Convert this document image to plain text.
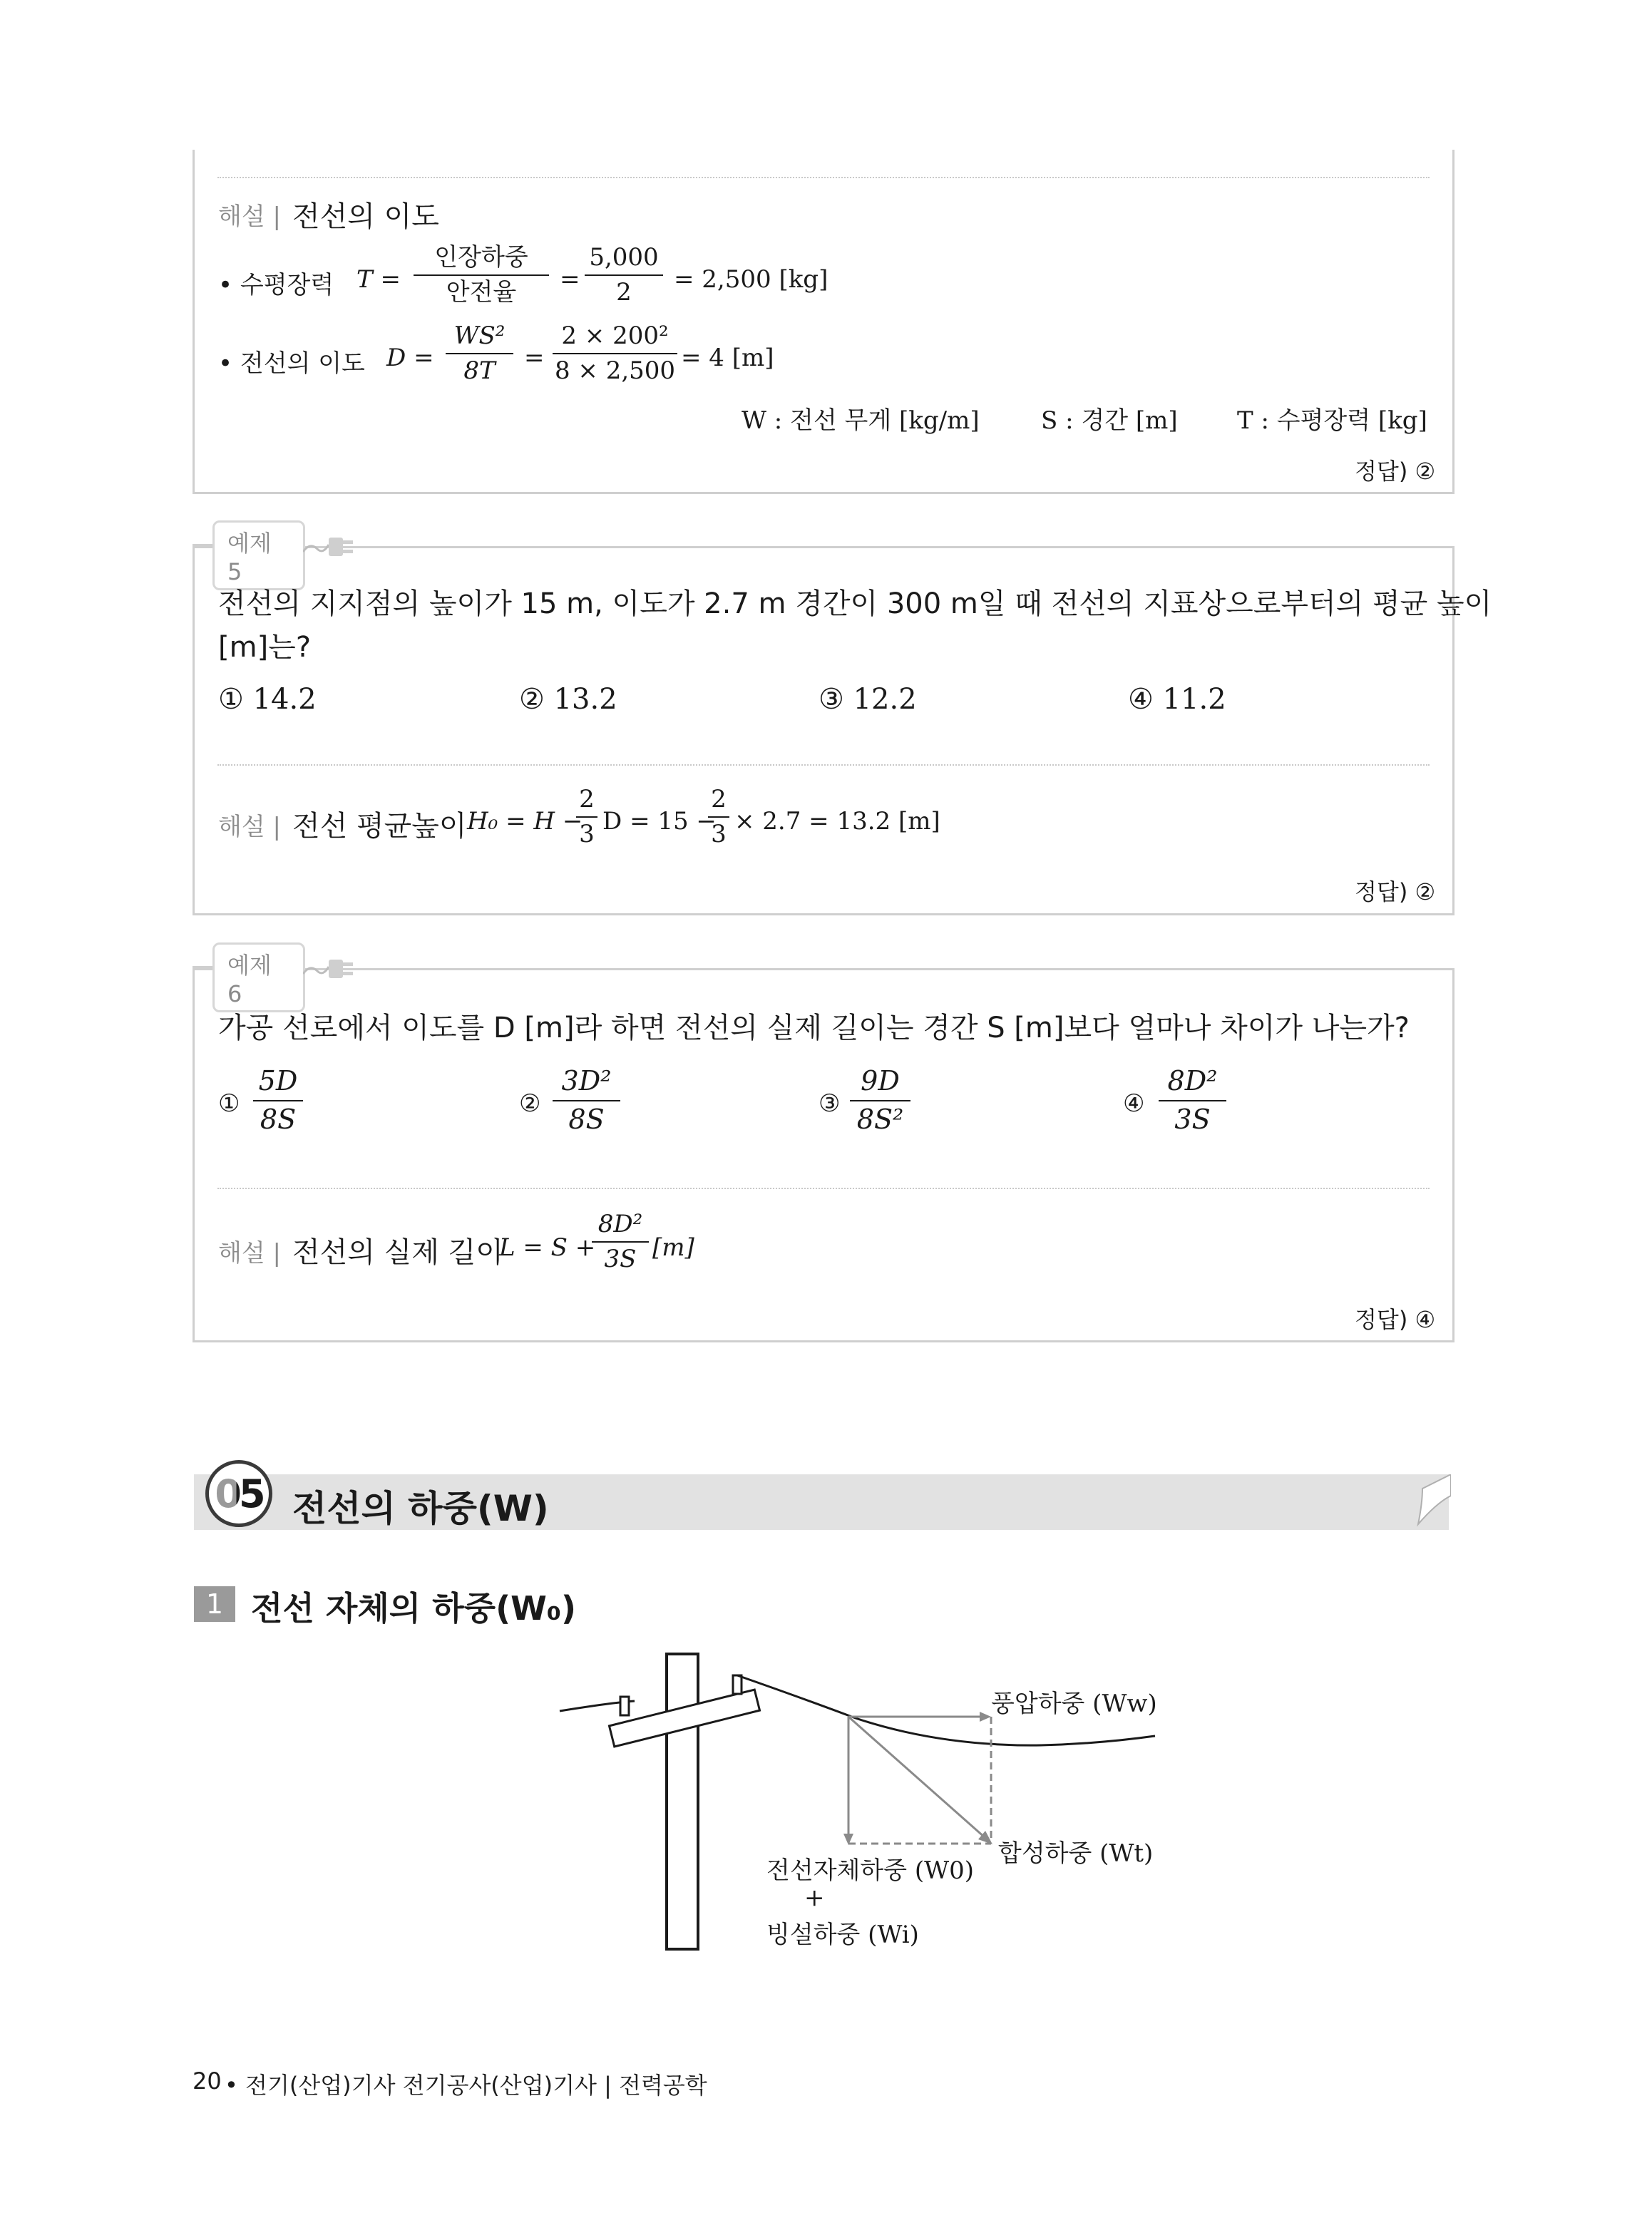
해설 | 전선의 이도
• 수평장력 T =
인장하중
안전율 =
5,000
2 = 2,500 [kg]
• 전선의 이도 D =
WS²
8T =
2 × 200²
8 × 2,500 = 4 [m]
W : 전선 무게 [kg/m]	S : 경간 [m] T : 수평장력 [kg]
정답) ②
예제 5
전선의 지지점의 높이가 15 m, 이도가 2.7 m 경간이 300 m일 때 전선의 지표상으로부터의 평균 높이
[m]는?
① 14.2	② 13.2	③ 12.2	④ 11.2
해설 | 전선 평균높이 H₀ = H −
2
3 D = 15 −
2
3 × 2.7 = 13.2 [m]
정답) ②
예제 6
가공 선로에서 이도를 D [m]라 하면 전선의 실제 길이는 경간 S [m]보다 얼마나 차이가 나는가?
①
5D
8S	②
3D²
8S	③
9D
8S²	④
8D²
3S
해설 | 전선의 실제 길이
L = S +
8D²
3S [m]
정답) ④
05 전선의 하중(W)
1 전선 자체의 하중(W₀)
풍압하중 (Ww)
합성하중 (Wt)
전선자체하중 (W0)
+
빙설하중 (Wi)
20 • 전기(산업)기사 전기공사(산업)기사 | 전력공학
